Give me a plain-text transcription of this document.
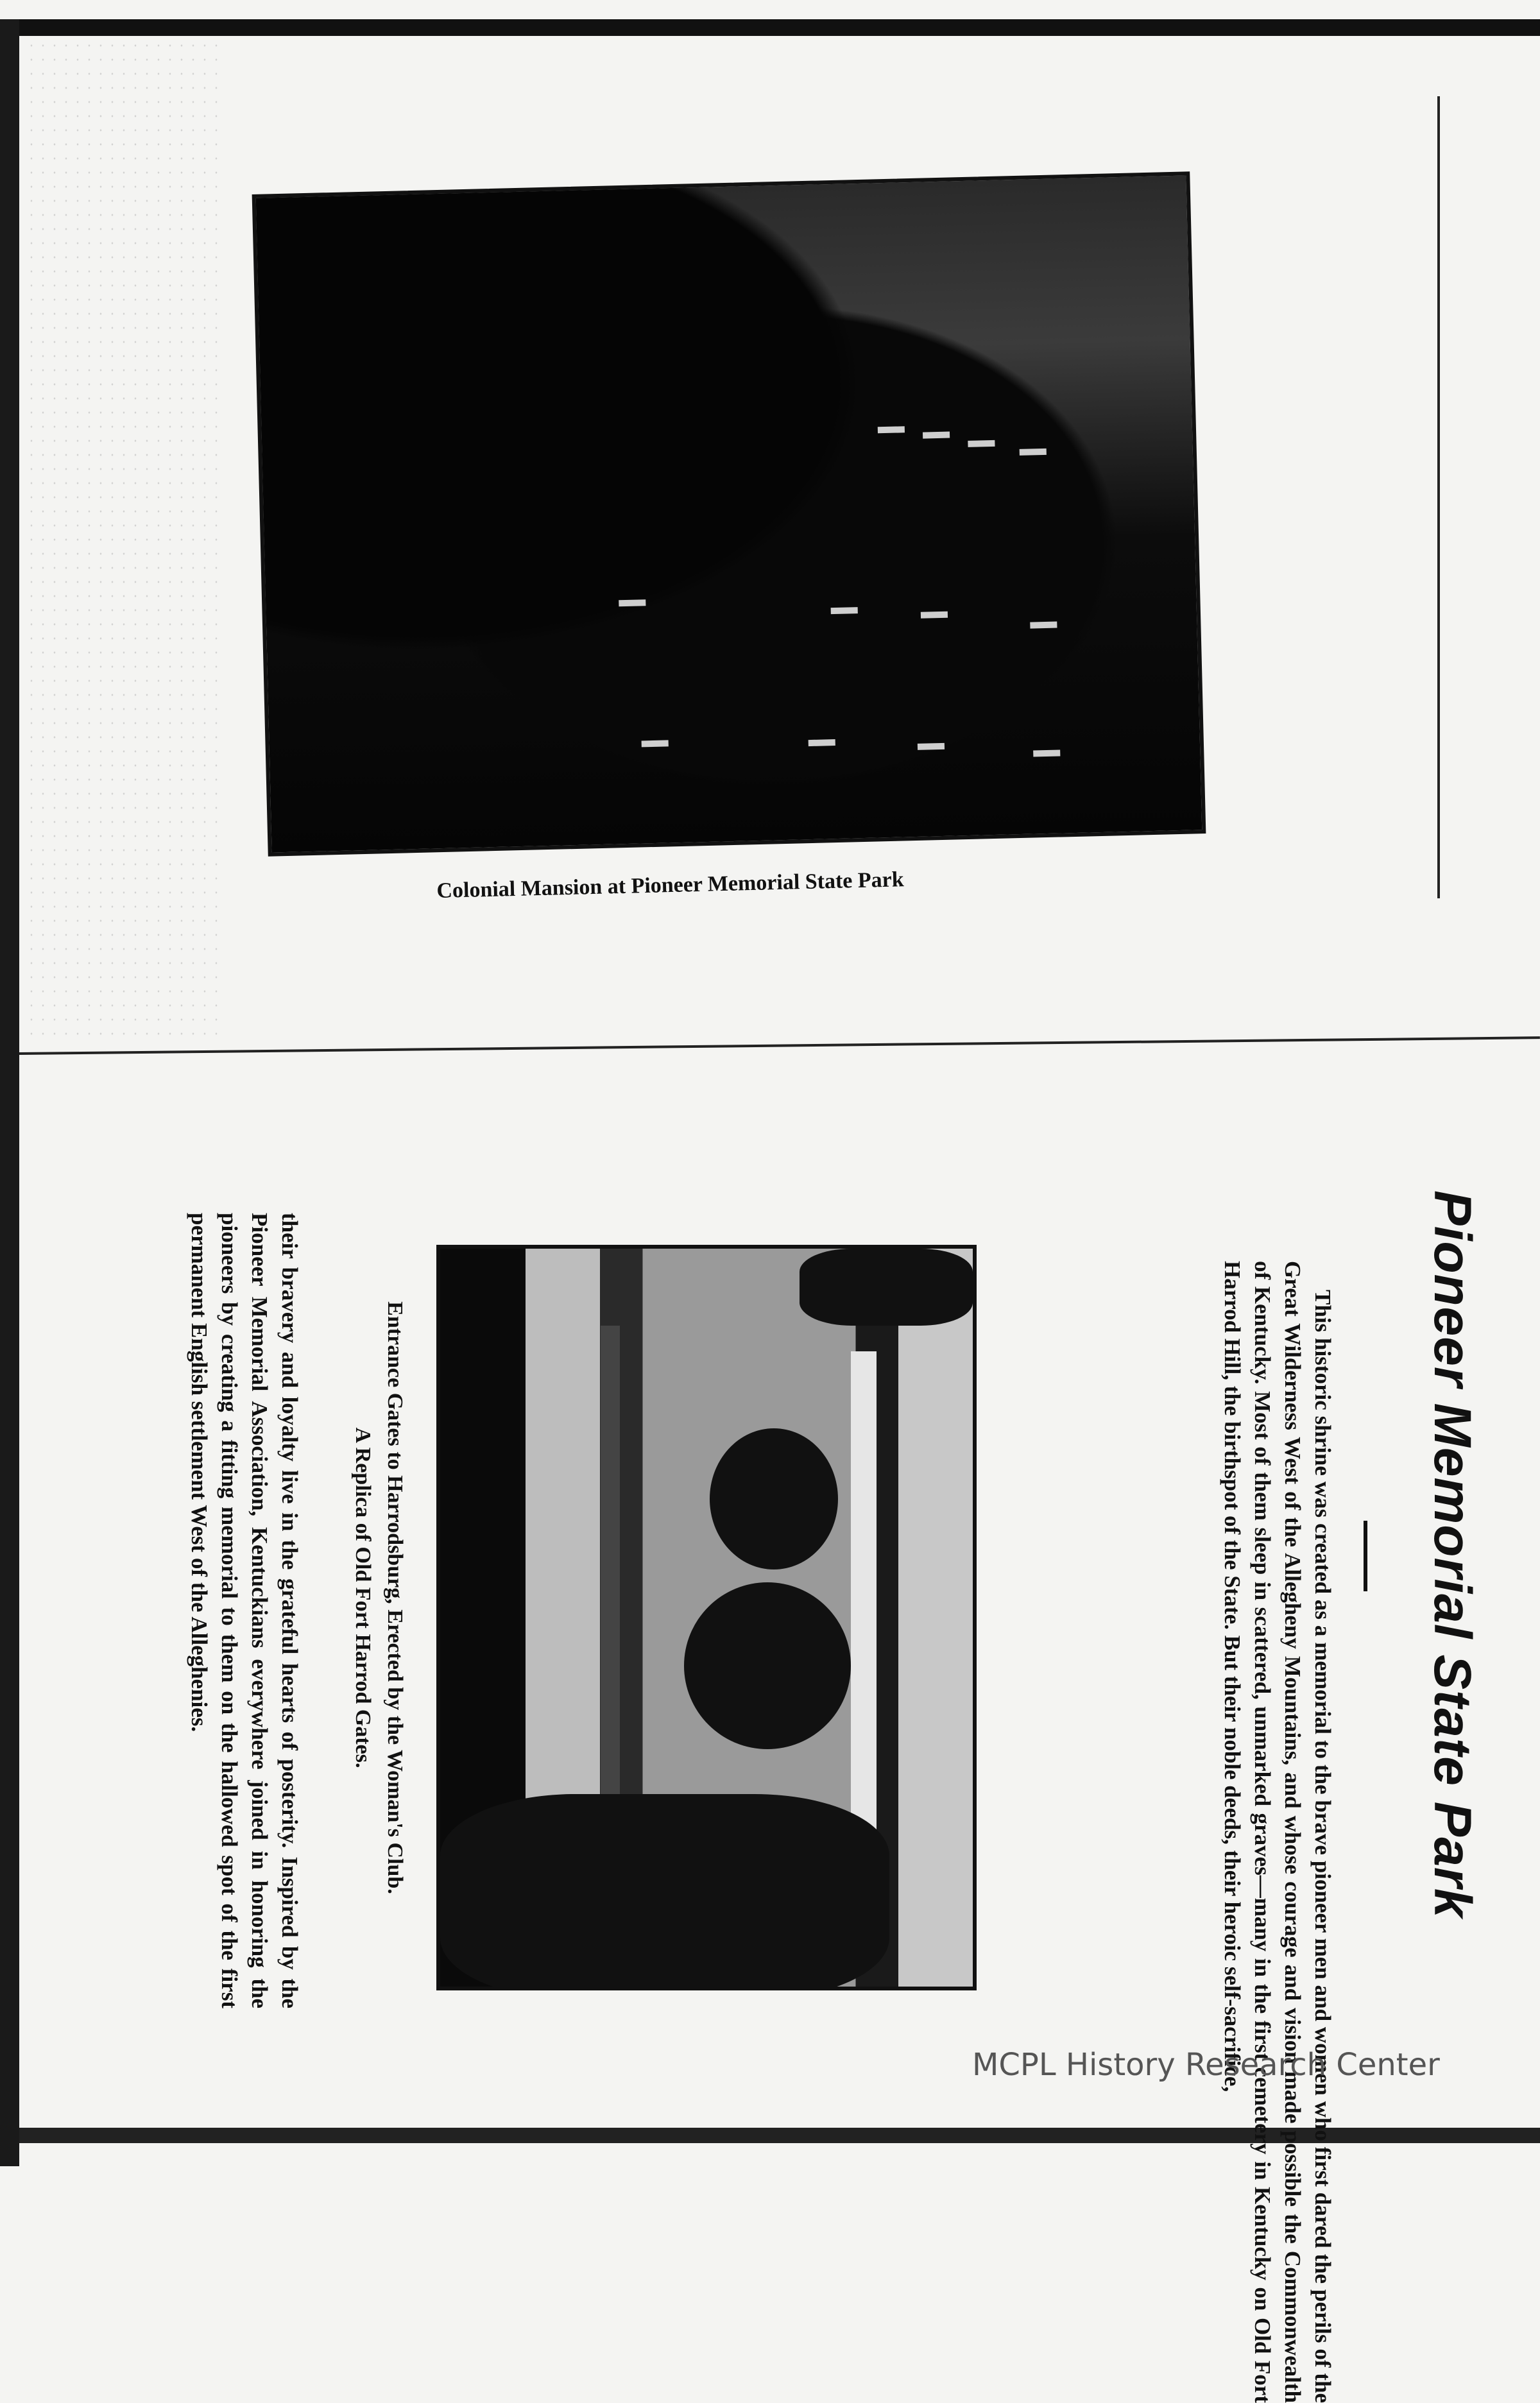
Colonial Mansion at Pioneer Memorial State Park
Pioneer Memorial State Park
This historic shrine was created as a memorial to the brave pioneer men and women who first dared the perils of the Great Wilderness West of the Allegheny Mountains, and whose courage and vision made possible the Commonwealth of Kentucky. Most of them sleep in scattered, unmarked graves—many in the first cemetery in Kentucky on Old Fort Harrod Hill, the birthspot of the State. But their noble deeds, their heroic self-sacrifice,
Entrance Gates to Harrodsburg, Erected by the Woman's Club.
A Replica of Old Fort Harrod Gates.
their bravery and loyalty live in the grateful hearts of posterity. Inspired by the Pioneer Memorial Association, Kentuckians everywhere joined in honoring the pioneers by creating a fitting memorial to them on the hallowed spot of the first permanent English settlement West of the Alleghenies.
MCPL History Research Center
